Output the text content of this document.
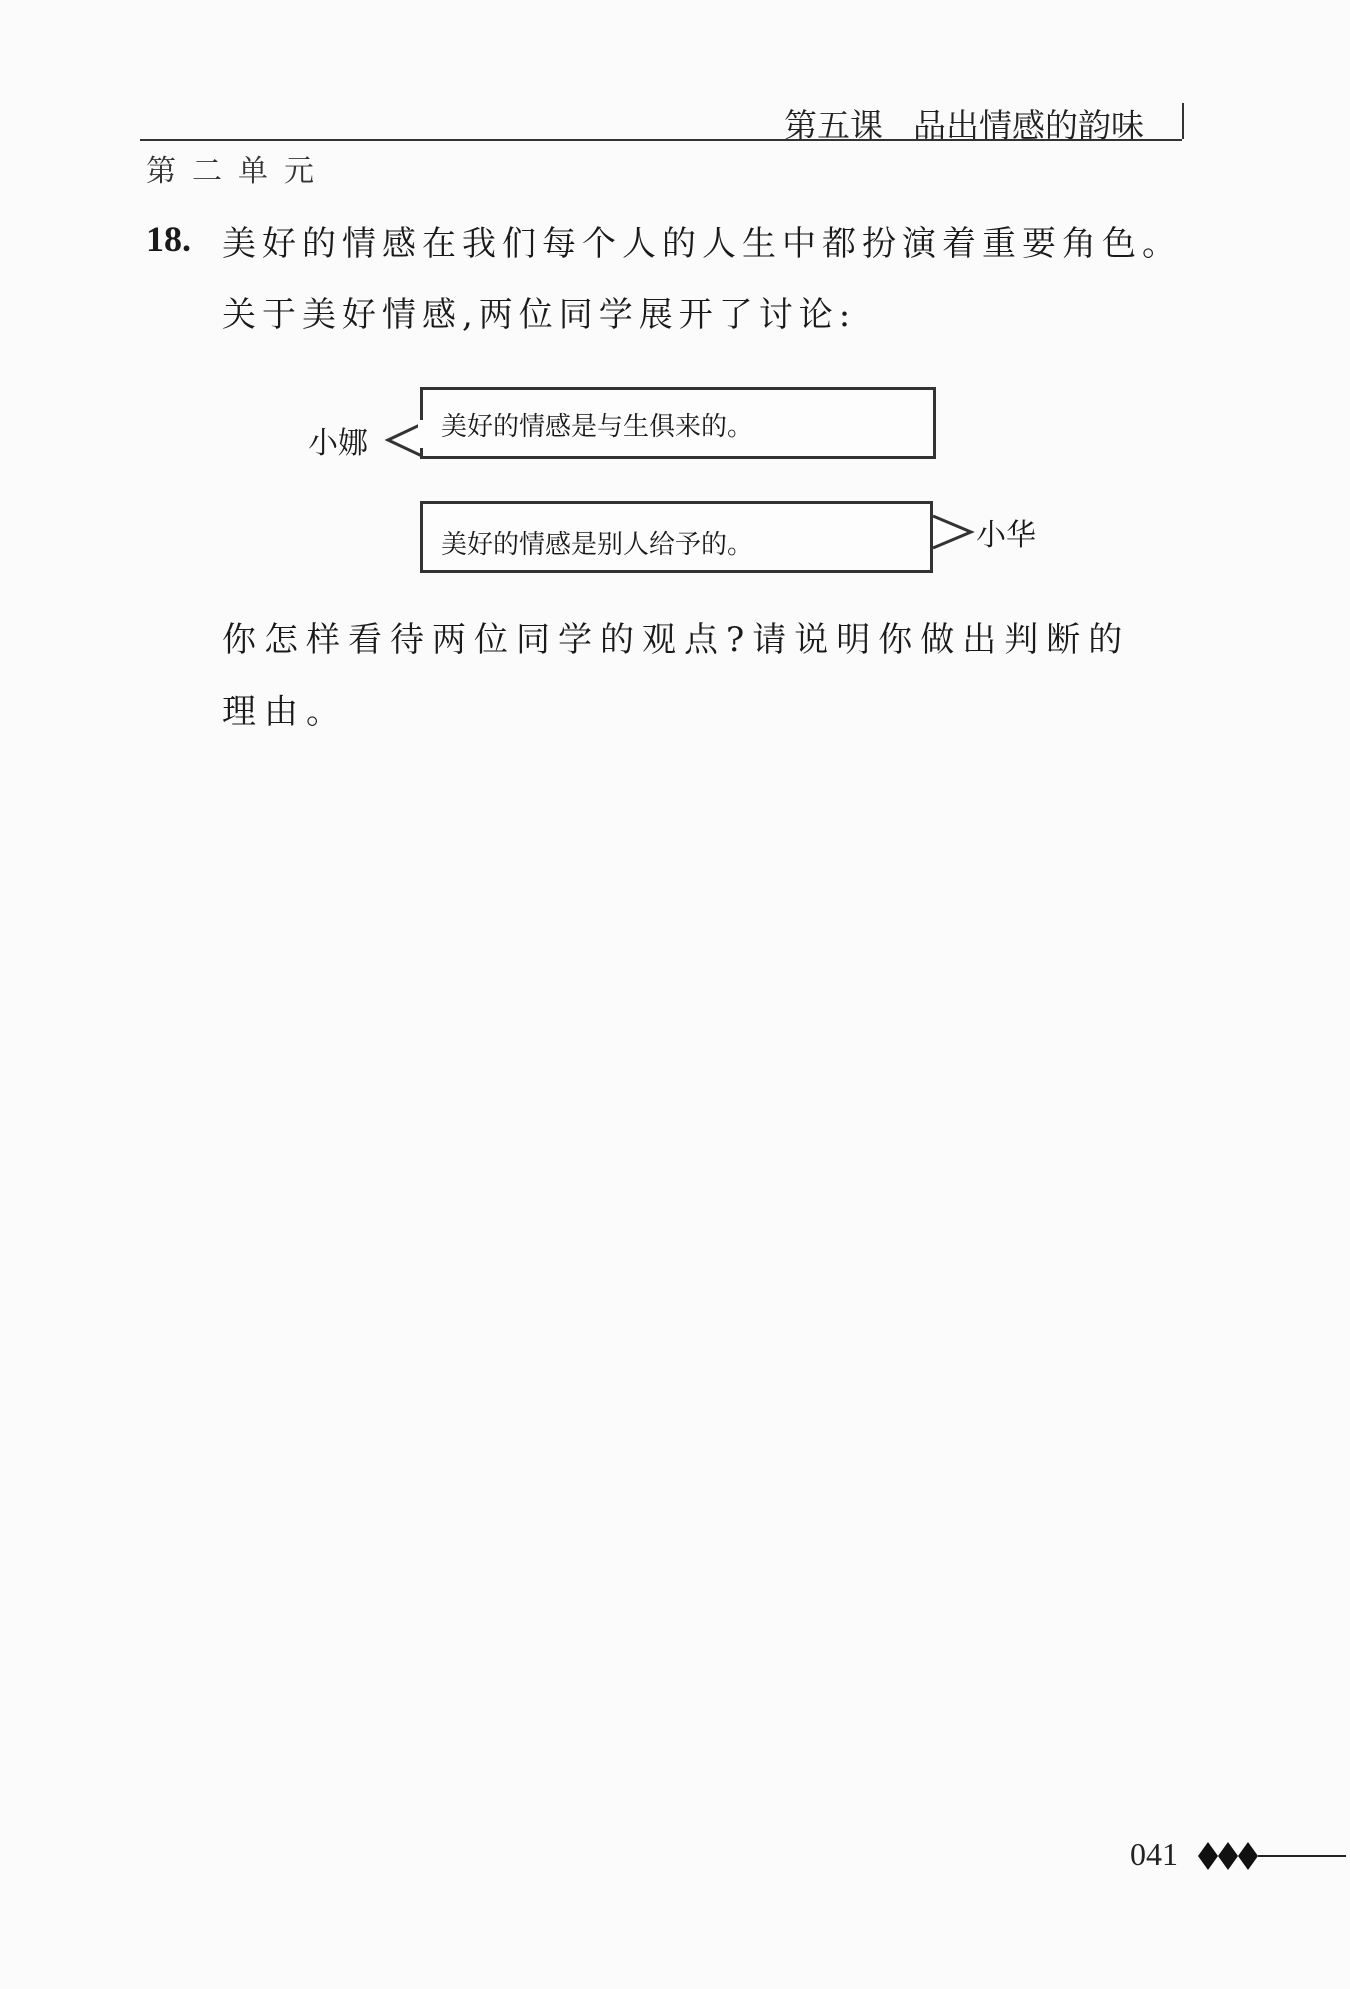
第五课 品出情感的韵味
第二单元
18. 美好的情感在我们每个人的人生中都扮演着重要角色。
关于美好情感,两位同学展开了讨论:
小娜	美好的情感是与生俱来的。
美好的情感是别人给予的。	小华
你怎样看待两位同学的观点?请说明你做出判断的
理由。
041
